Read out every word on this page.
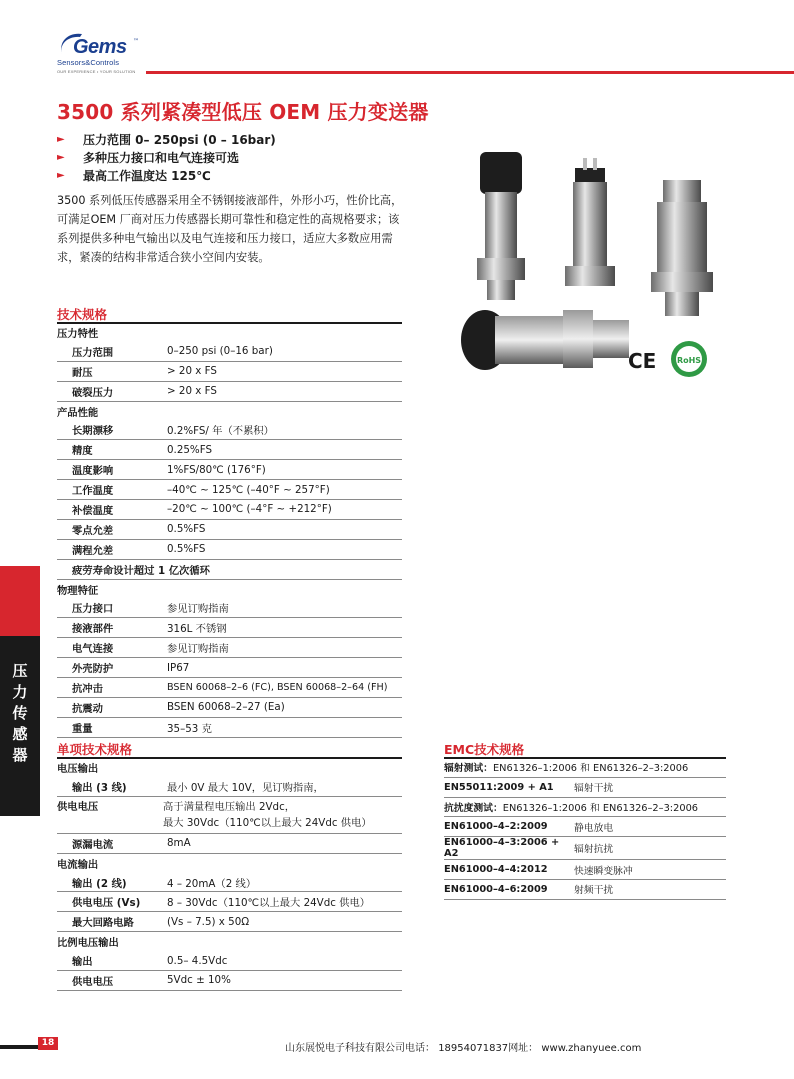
Gems ™
Sensors&Controls
OUR EXPERIENCE • YOUR SOLUTION
3500 系列紧凑型低压 OEM 压力变送器
►	压力范围 0– 250psi (0 – 16bar)
►	多种压力接口和电气连接可选
►	最高工作温度达 125℃
3500 系列低压传感器采用全不锈钢接液部件，外形小巧，性价比高，可满足OEM 厂商对压力传感器长期可靠性和稳定性的高规格要求；该系列提供多种电气输出以及电气连接和压力接口，适应大多数应用需求，紧凑的结构非常适合狭小空间内安装。
CE	RoHS
技术规格
压力特性	
压力范围	0–250 psi (0–16 bar)
耐压	> 20 x FS
破裂压力	> 20 x FS
产品性能	
长期漂移	0.2%FS/ 年（不累积）
精度	0.25%FS
温度影响	1%FS/80℃ (176°F)
工作温度	–40℃ ~ 125℃ (–40°F ~ 257°F)
补偿温度	–20℃ ~ 100℃ (–4°F ~ +212°F)
零点允差	0.5%FS
满程允差	0.5%FS
疲劳寿命设计超过 1 亿次循环	
物理特征	
压力接口	参见订购指南
接液部件	316L 不锈钢
电气连接	参见订购指南
外壳防护	IP67
抗冲击	BSEN 60068–2–6 (FC), BSEN 60068–2–64 (FH)
抗震动	BSEN 60068–2–27 (Ea)
重量	35–53 克
单项技术规格
电压输出	
输出 (3 线)	最小 0V 最大 10V，见订购指南，
供电电压	高于满量程电压输出 2Vdc，
最大 30Vdc（110℃以上最大 24Vdc 供电）

源漏电流	8mA
电流输出	
输出 (2 线)	4 – 20mA（2 线）
供电电压 (Vs)	8 – 30Vdc（110℃以上最大 24Vdc 供电）
最大回路电路	(Vs – 7.5) x 50Ω
比例电压输出	
输出	0.5– 4.5Vdc
供电电压	5Vdc ± 10%
EMC技术规格
辐射测试：EN61326–1:2006 和 EN61326–2–3:2006	
EN55011:2009 + A1	辐射干扰
抗扰度测试：EN61326–1:2006 和 EN61326–2–3:2006	
EN61000–4–2:2009	静电放电
EN61000–4–3:2006 + A2	辐射抗扰
EN61000–4–4:2012	快速瞬变脉冲
EN61000–4–6:2009	射频干扰
压力传感器
18	山东展悦电子科技有限公司电话： 18954071837网址： www.zhanyuee.com
